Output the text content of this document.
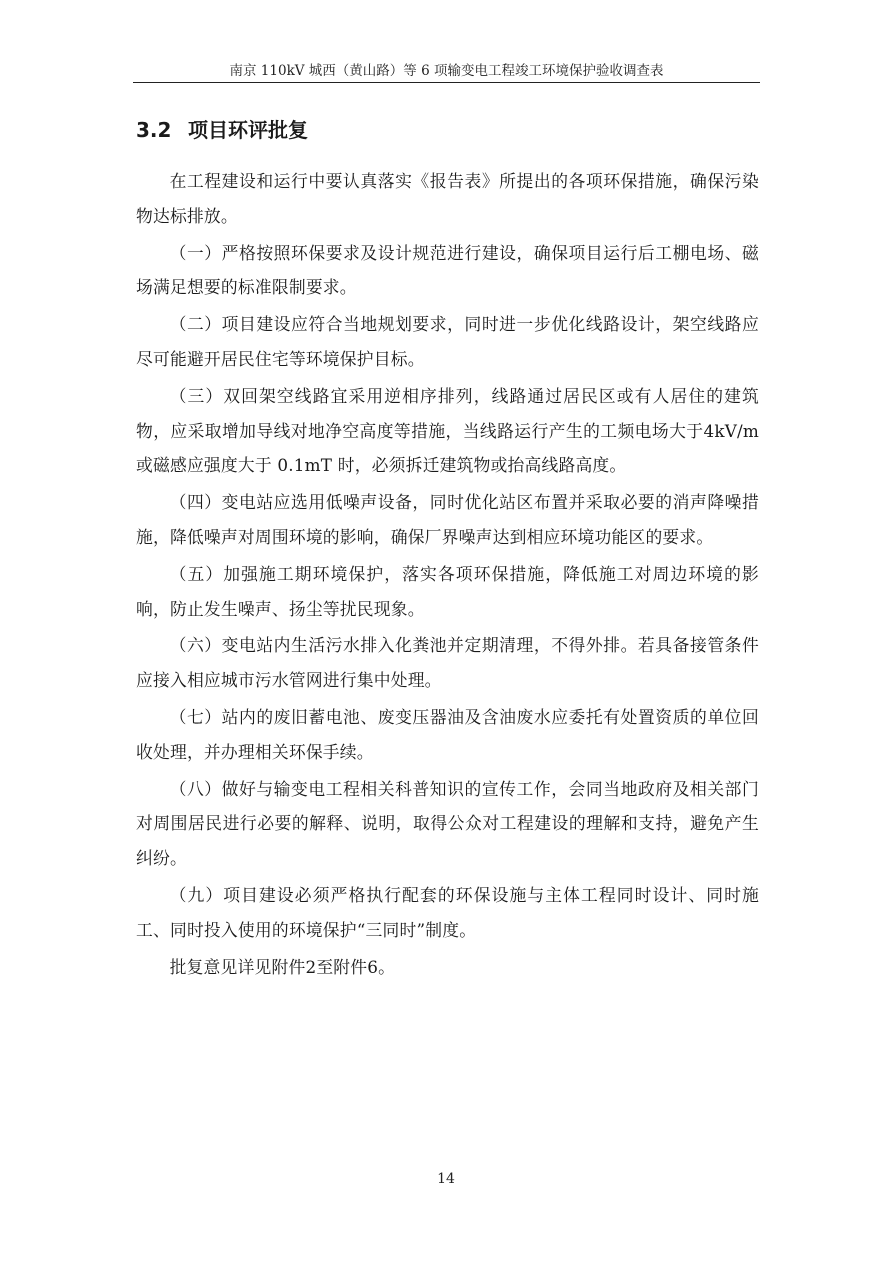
南京 110kV 城西（黄山路）等 6 项输变电工程竣工环境保护验收调查表
3.2 项目环评批复

在工程建设和运行中要认真落实《报告表》所提出的各项环保措施，确保污染物达标排放。

（一）严格按照环保要求及设计规范进行建设，确保项目运行后工棚电场、磁场满足想要的标准限制要求。

（二）项目建设应符合当地规划要求，同时进一步优化线路设计，架空线路应尽可能避开居民住宅等环境保护目标。

（三）双回架空线路宜采用逆相序排列，线路通过居民区或有人居住的建筑物，应采取增加导线对地净空高度等措施，当线路运行产生的工频电场大于4kV/m 或磁感应强度大于 0.1mT 时，必须拆迁建筑物或抬高线路高度。

（四）变电站应选用低噪声设备，同时优化站区布置并采取必要的消声降噪措施，降低噪声对周围环境的影响，确保厂界噪声达到相应环境功能区的要求。

（五）加强施工期环境保护，落实各项环保措施，降低施工对周边环境的影响，防止发生噪声、扬尘等扰民现象。

（六）变电站内生活污水排入化粪池并定期清理，不得外排。若具备接管条件应接入相应城市污水管网进行集中处理。

（七）站内的废旧蓄电池、废变压器油及含油废水应委托有处置资质的单位回收处理，并办理相关环保手续。

（八）做好与输变电工程相关科普知识的宣传工作，会同当地政府及相关部门对周围居民进行必要的解释、说明，取得公众对工程建设的理解和支持，避免产生纠纷。

（九）项目建设必须严格执行配套的环保设施与主体工程同时设计、同时施工、同时投入使用的环境保护“三同时”制度。

批复意见详见附件2至附件6。

14
